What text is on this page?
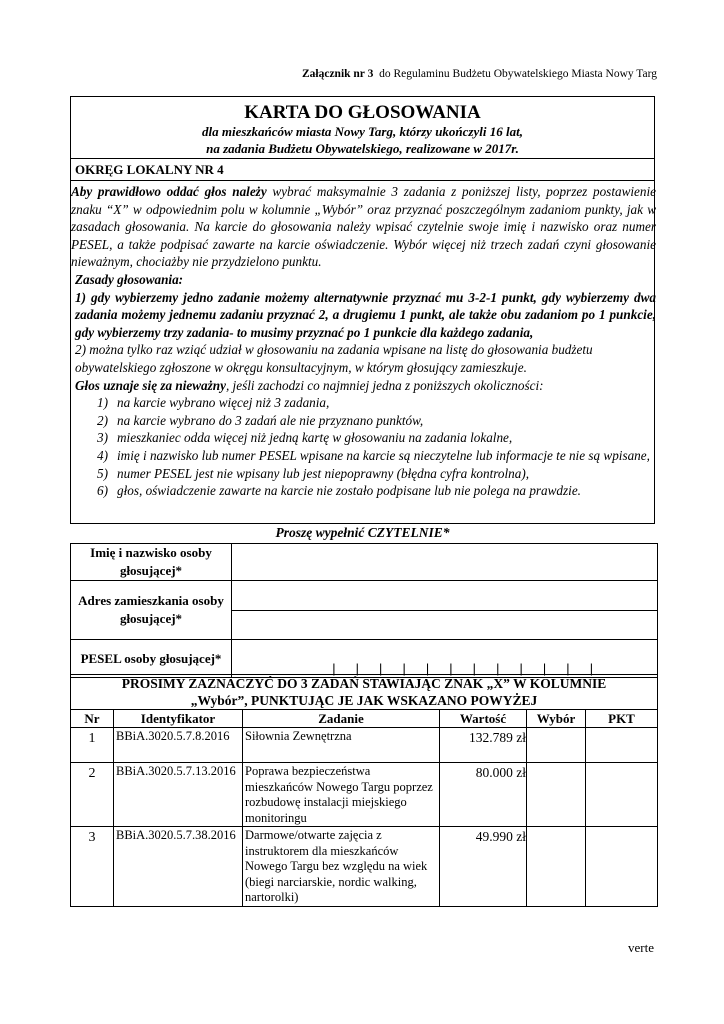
Załącznik nr 3 do Regulaminu Budżetu Obywatelskiego Miasta Nowy Targ
KARTA DO GŁOSOWANIA
dla mieszkańców miasta Nowy Targ, którzy ukończyli 16 lat,
na zadania Budżetu Obywatelskiego, realizowane w 2017r.
OKRĘG LOKALNY NR 4

Aby prawidłowo oddać głos należy wybrać maksymalnie 3 zadania z poniższej listy, poprzez postawienie znaku “X” w odpowiednim polu w kolumnie „Wybór” oraz przyznać poszczególnym zadaniom punkty, jak w zasadach głosowania. Na karcie do głosowania należy wpisać czytelnie swoje imię i nazwisko oraz numer PESEL, a także podpisać zawarte na karcie oświadczenie. Wybór więcej niż trzech zadań czyni głosowanie nieważnym, chociażby nie przydzielono punktu.

Zasady głosowania:

1) gdy wybierzemy jedno zadanie możemy alternatywnie przyznać mu 3-2-1 punkt, gdy wybierzemy dwa zadania możemy jednemu zadaniu przyznać 2, a drugiemu 1 punkt, ale także obu zadaniom po 1 punkcie, gdy wybierzemy trzy zadania- to musimy przyznać po 1 punkcie dla każdego zadania,

2) można tylko raz wziąć udział w głosowaniu na zadania wpisane na listę do głosowania budżetu obywatelskiego zgłoszone w okręgu konsultacyjnym, w którym głosujący zamieszkuje.

Głos uznaje się za nieważny, jeśli zachodzi co najmniej jedna z poniższych okoliczności:

1) na karcie wybrano więcej niż 3 zadania,
2) na karcie wybrano do 3 zadań ale nie przyznano punktów,
3) mieszkaniec odda więcej niż jedną kartę w głosowaniu na zadania lokalne,
4) imię i nazwisko lub numer PESEL wpisane na karcie są nieczytelne lub informacje te nie są wpisane,
5) numer PESEL jest nie wpisany lub jest niepoprawny (błędna cyfra kontrolna),
6) głos, oświadczenie zawarte na karcie nie zostało podpisane lub nie polega na prawdzie.
Proszę wypełnić CZYTELNIE*
Imię i nazwisko osoby głosującej*	
Adres zamieszkania osoby głosującej*	

PESEL osoby głosującej*	|__|__|__|__|__|__|__|__|__|__|__|
PROSIMY ZAZNACZYĆ DO 3 ZADAŃ STAWIAJĄC ZNAK „X” W KOLUMNIE
„Wybór”, PUNKTUJĄC JE JAK WSKAZANO POWYŻEJ					

Nr	Identyfikator	Zadanie	Wartość	Wybór	PKT
1	BBiA.3020.5.7.8.2016	Siłownia Zewnętrzna	132.789 zł		
2	BBiA.3020.5.7.13.2016	Poprawa bezpieczeństwa mieszkańców Nowego Targu poprzez rozbudowę instalacji miejskiego monitoringu	80.000 zł		
3	BBiA.3020.5.7.38.2016	Darmowe/otwarte zajęcia z instruktorem dla mieszkańców Nowego Targu bez względu na wiek (biegi narciarskie, nordic walking, nartorolki)	49.990 zł		
verte
